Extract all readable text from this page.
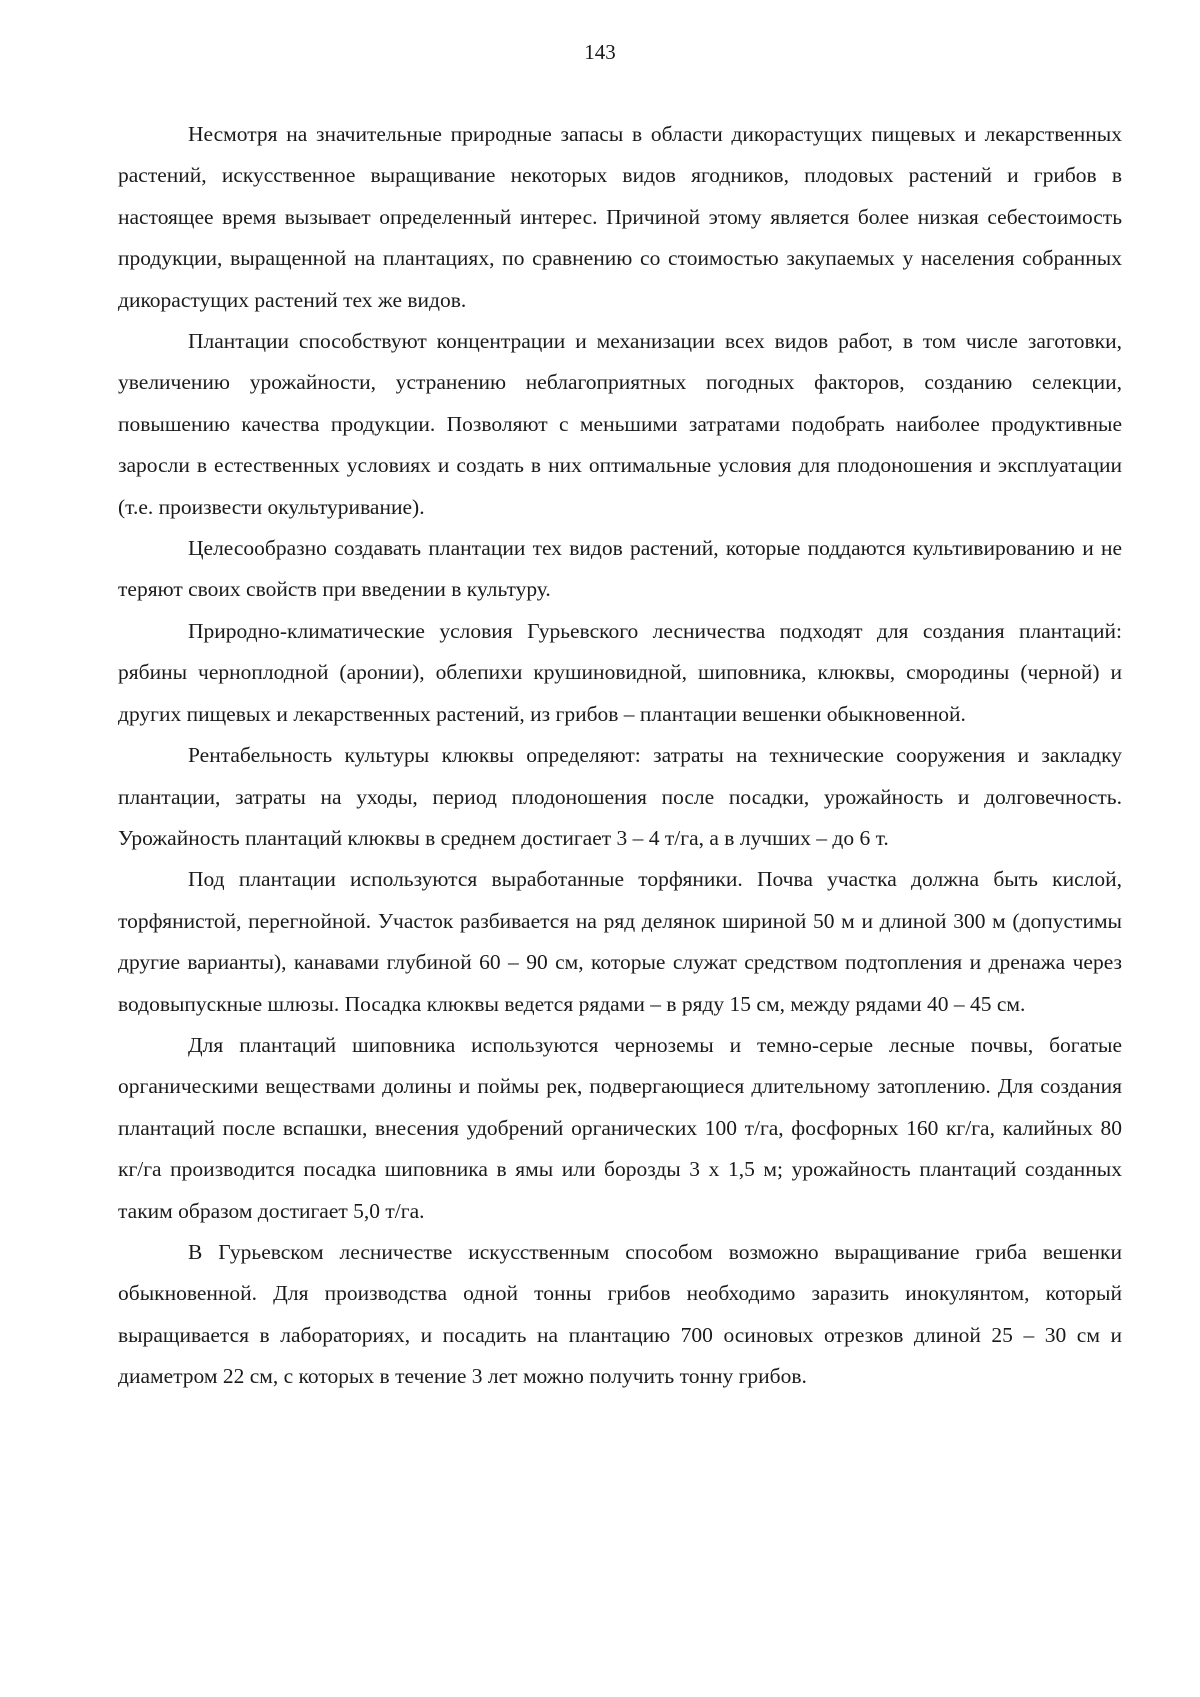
143

Несмотря на значительные природные запасы в области дикорастущих пищевых и лекарственных растений, искусственное выращивание некоторых видов ягодников, плодовых растений и грибов в настоящее время вызывает определенный интерес. Причиной этому является более низкая себестоимость продукции, выращенной на плантациях, по сравнению со стоимостью закупаемых у населения собранных дикорастущих растений тех же видов.

Плантации способствуют концентрации и механизации всех видов работ, в том числе заготовки, увеличению урожайности, устранению неблагоприятных погодных факторов, созданию селекции, повышению качества продукции. Позволяют с меньшими затратами подобрать наиболее продуктивные заросли в естественных условиях и создать в них оптимальные условия для плодоношения и эксплуатации (т.е. произвести окультуривание).

Целесообразно создавать плантации тех видов растений, которые поддаются культивированию и не теряют своих свойств при введении в культуру.

Природно-климатические условия Гурьевского лесничества подходят для создания плантаций: рябины черноплодной (аронии), облепихи крушиновидной, шиповника, клюквы, смородины (черной) и других пищевых и лекарственных растений, из грибов – плантации вешенки обыкновенной.

Рентабельность культуры клюквы определяют: затраты на технические сооружения и закладку плантации, затраты на уходы, период плодоношения после посадки, урожайность и долговечность. Урожайность плантаций клюквы в среднем достигает 3 – 4 т/га, а в лучших – до 6 т.

Под плантации используются выработанные торфяники. Почва участка должна быть кислой, торфянистой, перегнойной. Участок разбивается на ряд делянок шириной 50 м и длиной 300 м (допустимы другие варианты), канавами глубиной 60 – 90 см, которые служат средством подтопления и дренажа через водовыпускные шлюзы. Посадка клюквы ведется рядами – в ряду 15 см, между рядами 40 – 45 см.

Для плантаций шиповника используются черноземы и темно-серые лесные почвы, богатые органическими веществами долины и поймы рек, подвергающиеся длительному затоплению. Для создания плантаций после вспашки, внесения удобрений органических 100 т/га, фосфорных 160 кг/га, калийных 80 кг/га производится посадка шиповника в ямы или борозды 3 х 1,5 м; урожайность плантаций созданных таким образом достигает 5,0 т/га.

В Гурьевском лесничестве искусственным способом возможно выращивание гриба вешенки обыкновенной. Для производства одной тонны грибов необходимо заразить инокулянтом, который выращивается в лабораториях, и посадить на плантацию 700 осиновых отрезков длиной 25 – 30 см и диаметром 22 см, с которых в течение 3 лет можно получить тонну грибов.
